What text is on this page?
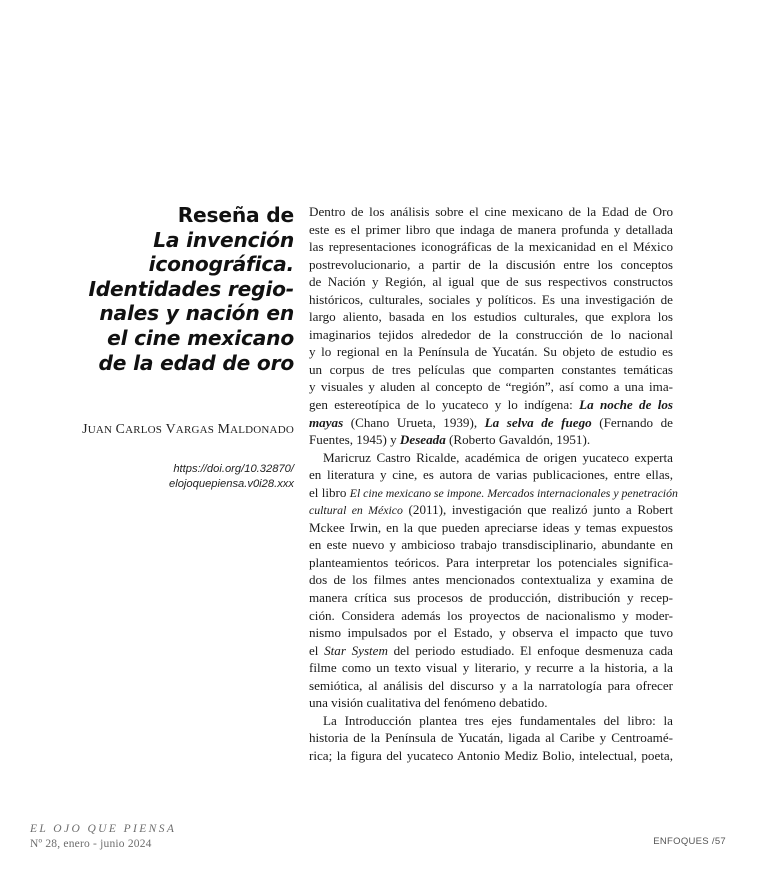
Reseña de
La invención
iconográfica.
Identidades regio-
nales y nación en
el cine mexicano
de la edad de oro
JUAN CARLOS VARGAS MALDONADO
https://doi.org/10.32870/
elojoquepiensa.v0i28.xxx
Dentro de los análisis sobre el cine mexicano de la Edad de Oro
este es el primer libro que indaga de manera profunda y detallada
las representaciones iconográficas de la mexicanidad en el México
postrevolucionario, a partir de la discusión entre los conceptos
de Nación y Región, al igual que de sus respectivos constructos
históricos, culturales, sociales y políticos. Es una investigación de
largo aliento, basada en los estudios culturales, que explora los
imaginarios tejidos alrededor de la construcción de lo nacional
y lo regional en la Península de Yucatán. Su objeto de estudio es
un corpus de tres películas que comparten constantes temáticas
y visuales y aluden al concepto de “región”, así como a una ima-
gen estereotípica de lo yucateco y lo indígena: La noche de los
mayas (Chano Urueta, 1939), La selva de fuego (Fernando de
Fuentes, 1945) y Deseada (Roberto Gavaldón, 1951).
Maricruz Castro Ricalde, académica de origen yucateco experta
en literatura y cine, es autora de varias publicaciones, entre ellas,
el libro El cine mexicano se impone. Mercados internacionales y penetración
cultural en México (2011), investigación que realizó junto a Robert
Mckee Irwin, en la que pueden apreciarse ideas y temas expuestos
en este nuevo y ambicioso trabajo transdisciplinario, abundante en
planteamientos teóricos. Para interpretar los potenciales significa-
dos de los filmes antes mencionados contextualiza y examina de
manera crítica sus procesos de producción, distribución y recep-
ción. Considera además los proyectos de nacionalismo y moder-
nismo impulsados por el Estado, y observa el impacto que tuvo
el Star System del periodo estudiado. El enfoque desmenuza cada
filme como un texto visual y literario, y recurre a la historia, a la
semiótica, al análisis del discurso y a la narratología para ofrecer
una visión cualitativa del fenómeno debatido.
La Introducción plantea tres ejes fundamentales del libro: la
historia de la Península de Yucatán, ligada al Caribe y Centroamé-
rica; la figura del yucateco Antonio Mediz Bolio, intelectual, poeta,
EL OJO QUE PIENSA
Nº 28, enero - junio 2024	ENFOQUES /57
